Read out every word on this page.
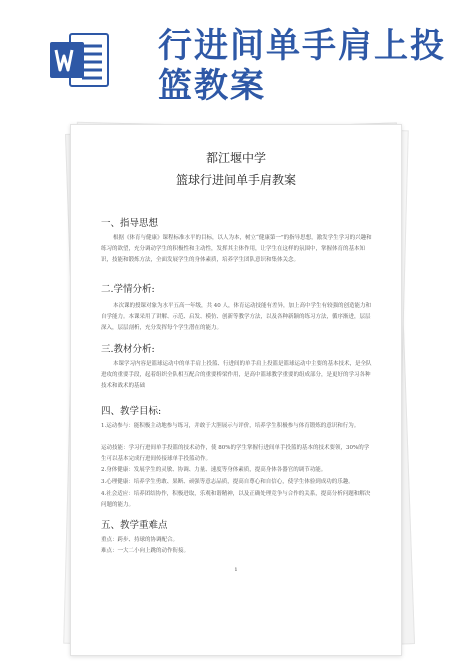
行进间单手肩上投篮教案
都江堰中学
篮球行进间单手肩教案
一、指导思想
根据《体育与健康》课程标准水平的目标，以人为本，树立“健康第一”的指导思想，激发学生学习的兴趣和练习的欲望，充分调动学生的积极性和主动性，发挥其主体作用，让学生在这样的氛围中，掌握体育的基本知识，技能和锻炼方法，全面发展学生的身体素质，培养学生团队意识和集体关念。
二.学情分析:
本次课的授课对象为水平五高一年级，共 40 人，体育运动技能有差异，加上高中学生有较强的创造能力和自学能力。本课采用了讲解、示范、启发、模仿、创新等教学方法，以及各种新颖的练习方法，循序渐进，层层深入，层层剖析，充分发挥每个学生潜在的能力。
三.教材分析:
本课学习内容是篮球运动中的单手肩上投篮、行进间的单手肩上投篮是篮球运动中主要的基本技术，是全队进攻的重要手段，起着组织全队相互配合的重要桥梁作用，是高中篮球教学重要的组成部分，是更好的学习各种技术和战术的基础
四、教学目标:
1.运动参与：能积极主动地参与练习，并敢于大胆展示与评价，培养学生积极参与体育锻炼的意识和行为。
运动技能：学习行进间单手投篮的技术动作，使 80%的学生掌握行进间单手投篮的基本的技术要领，30%的学生可以基本完成行进间传接球单手投篮动作。
2.身体健康：发展学生的灵敏、协调、力量、速度等身体素质，提高身体各器官的调节功能。
3.心理健康：培养学生勇敢、果断、顽强等意志品质，提高自尊心和自信心，使学生体验到成功的乐趣。
4.社会适应：培养团结协作，积极进取，乐观和谐精神，以及正确处理竞争与合作的关系，提高分析问题和解决问题的能力。
五、教学重难点
重点：跨步、持球的协调配合。
难点：一大二小向上跳的动作衔接。
1
